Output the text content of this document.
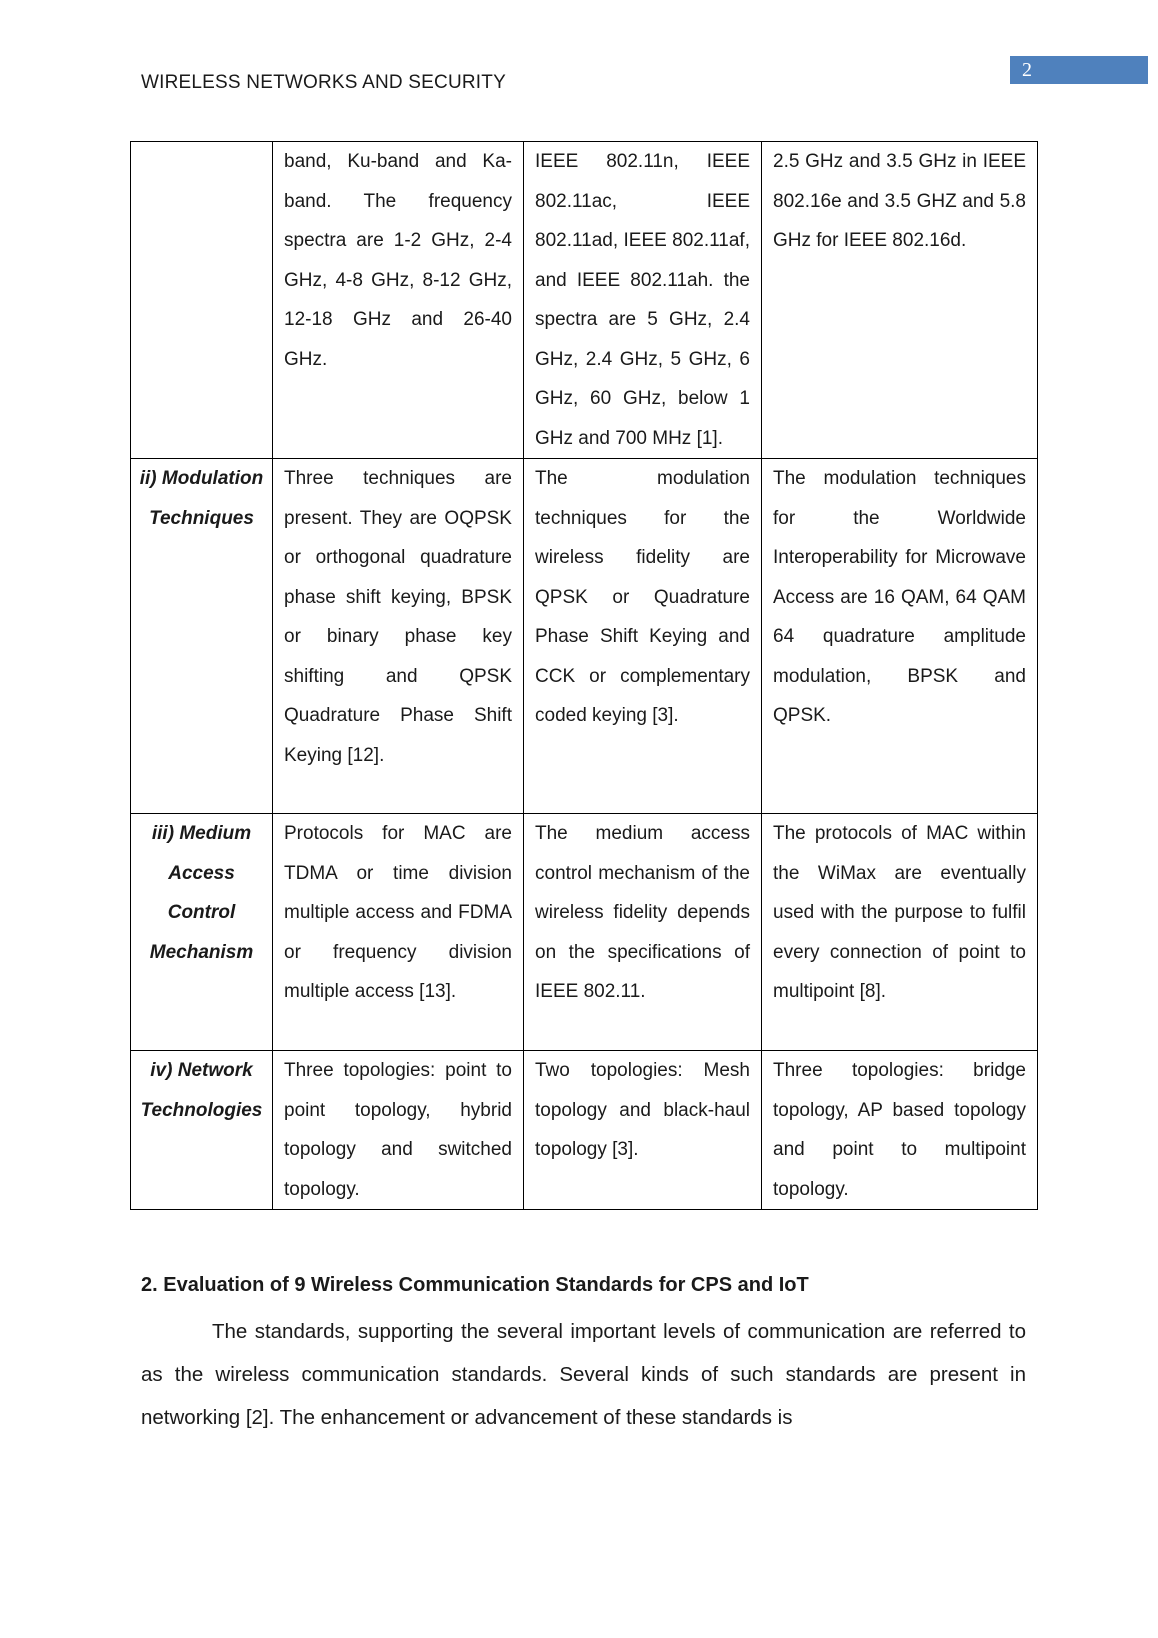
2
WIRELESS NETWORKS AND SECURITY
	band, Ku-band and Ka-band. The frequency spectra are 1-2 GHz, 2-4 GHz, 4-8 GHz, 8-12 GHz, 12-18 GHz and 26-40 GHz.	IEEE 802.11n, IEEE 802.11ac, IEEE 802.11ad, IEEE 802.11af, and IEEE 802.11ah. the spectra are 5 GHz, 2.4 GHz, 2.4 GHz, 5 GHz, 6 GHz, 60 GHz, below 1 GHz and 700 MHz [1].	2.5 GHz and 3.5 GHz in IEEE 802.16e and 3.5 GHZ and 5.8 GHz for IEEE 802.16d.
ii) Modulation Techniques	Three techniques are present. They are OQPSK or orthogonal quadrature phase shift keying, BPSK or binary phase key shifting and QPSK Quadrature Phase Shift Keying [12].	The modulation techniques for the wireless fidelity are QPSK or Quadrature Phase Shift Keying and CCK or complementary coded keying [3].	The modulation techniques for the Worldwide Interoperability for Microwave Access are 16 QAM, 64 QAM 64 quadrature amplitude modulation, BPSK and QPSK.
iii) Medium Access Control Mechanism	Protocols for MAC are TDMA or time division multiple access and FDMA or frequency division multiple access [13].	The medium access control mechanism of the wireless fidelity depends on the specifications of IEEE 802.11.	The protocols of MAC within the WiMax are eventually used with the purpose to fulfil every connection of point to multipoint [8].
iv) Network Technologies	Three topologies: point to point topology, hybrid topology and switched topology.	Two topologies: Mesh topology and black-haul topology [3].	Three topologies: bridge topology, AP based topology and point to multipoint topology.
2. Evaluation of 9 Wireless Communication Standards for CPS and IoT

The standards, supporting the several important levels of communication are referred to as the wireless communication standards. Several kinds of such standards are present in networking [2]. The enhancement or advancement of these standards is
